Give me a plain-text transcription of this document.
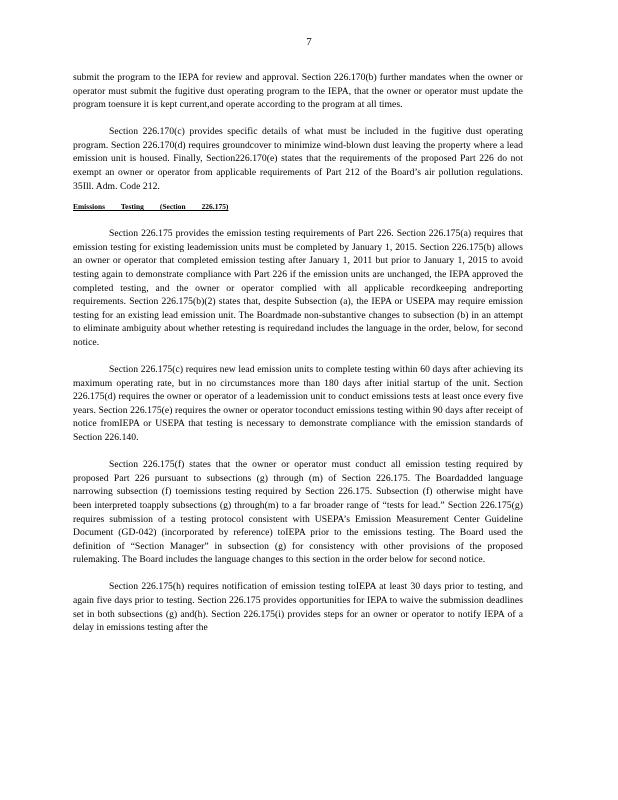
7

submit the program to the IEPA for review and approval. Section 226.170(b) further mandates when the owner or operator must submit the fugitive dust operating program to the IEPA, that the owner or operator must update the program toensure it is kept current,and operate according to the program at all times.

Section 226.170(c) provides specific details of what must be included in the fugitive dust operating program. Section 226.170(d) requires groundcover to minimize wind-blown dust leaving the property where a lead emission unit is housed. Finally, Section226.170(e) states that the requirements of the proposed Part 226 do not exempt an owner or operator from applicable requirements of Part 212 of the Board’s air pollution regulations. 35Ill. Adm. Code 212.

Emissions Testing (Section 226.175)

Section 226.175 provides the emission testing requirements of Part 226. Section 226.175(a) requires that emission testing for existing leademission units must be completed by January 1, 2015. Section 226.175(b) allows an owner or operator that completed emission testing after January 1, 2011 but prior to January 1, 2015 to avoid testing again to demonstrate compliance with Part 226 if the emission units are unchanged, the IEPA approved the completed testing, and the owner or operator complied with all applicable recordkeeping andreporting requirements. Section 226.175(b)(2) states that, despite Subsection (a), the IEPA or USEPA may require emission testing for an existing lead emission unit. The Boardmade non-substantive changes to subsection (b) in an attempt to eliminate ambiguity about whether retesting is requiredand includes the language in the order, below, for second notice.

Section 226.175(c) requires new lead emission units to complete testing within 60 days after achieving its maximum operating rate, but in no circumstances more than 180 days after initial startup of the unit. Section 226.175(d) requires the owner or operator of a leademission unit to conduct emissions tests at least once every five years. Section 226.175(e) requires the owner or operator toconduct emissions testing within 90 days after receipt of notice fromIEPA or USEPA that testing is necessary to demonstrate compliance with the emission standards of Section 226.140.

Section 226.175(f) states that the owner or operator must conduct all emission testing required by proposed Part 226 pursuant to subsections (g) through (m) of Section 226.175. The Boardadded language narrowing subsection (f) toemissions testing required by Section 226.175. Subsection (f) otherwise might have been interpreted toapply subsections (g) through(m) to a far broader range of “tests for lead.” Section 226.175(g) requires submission of a testing protocol consistent with USEPA’s Emission Measurement Center Guideline Document (GD-042) (incorporated by reference) toIEPA prior to the emissions testing. The Board used the definition of “Section Manager” in subsection (g) for consistency with other provisions of the proposed rulemaking. The Board includes the language changes to this section in the order below for second notice.

Section 226.175(h) requires notification of emission testing toIEPA at least 30 days prior to testing, and again five days prior to testing. Section 226.175 provides opportunities for IEPA to waive the submission deadlines set in both subsections (g) and(h). Section 226.175(i) provides steps for an owner or operator to notify IEPA of a delay in emissions testing after the
